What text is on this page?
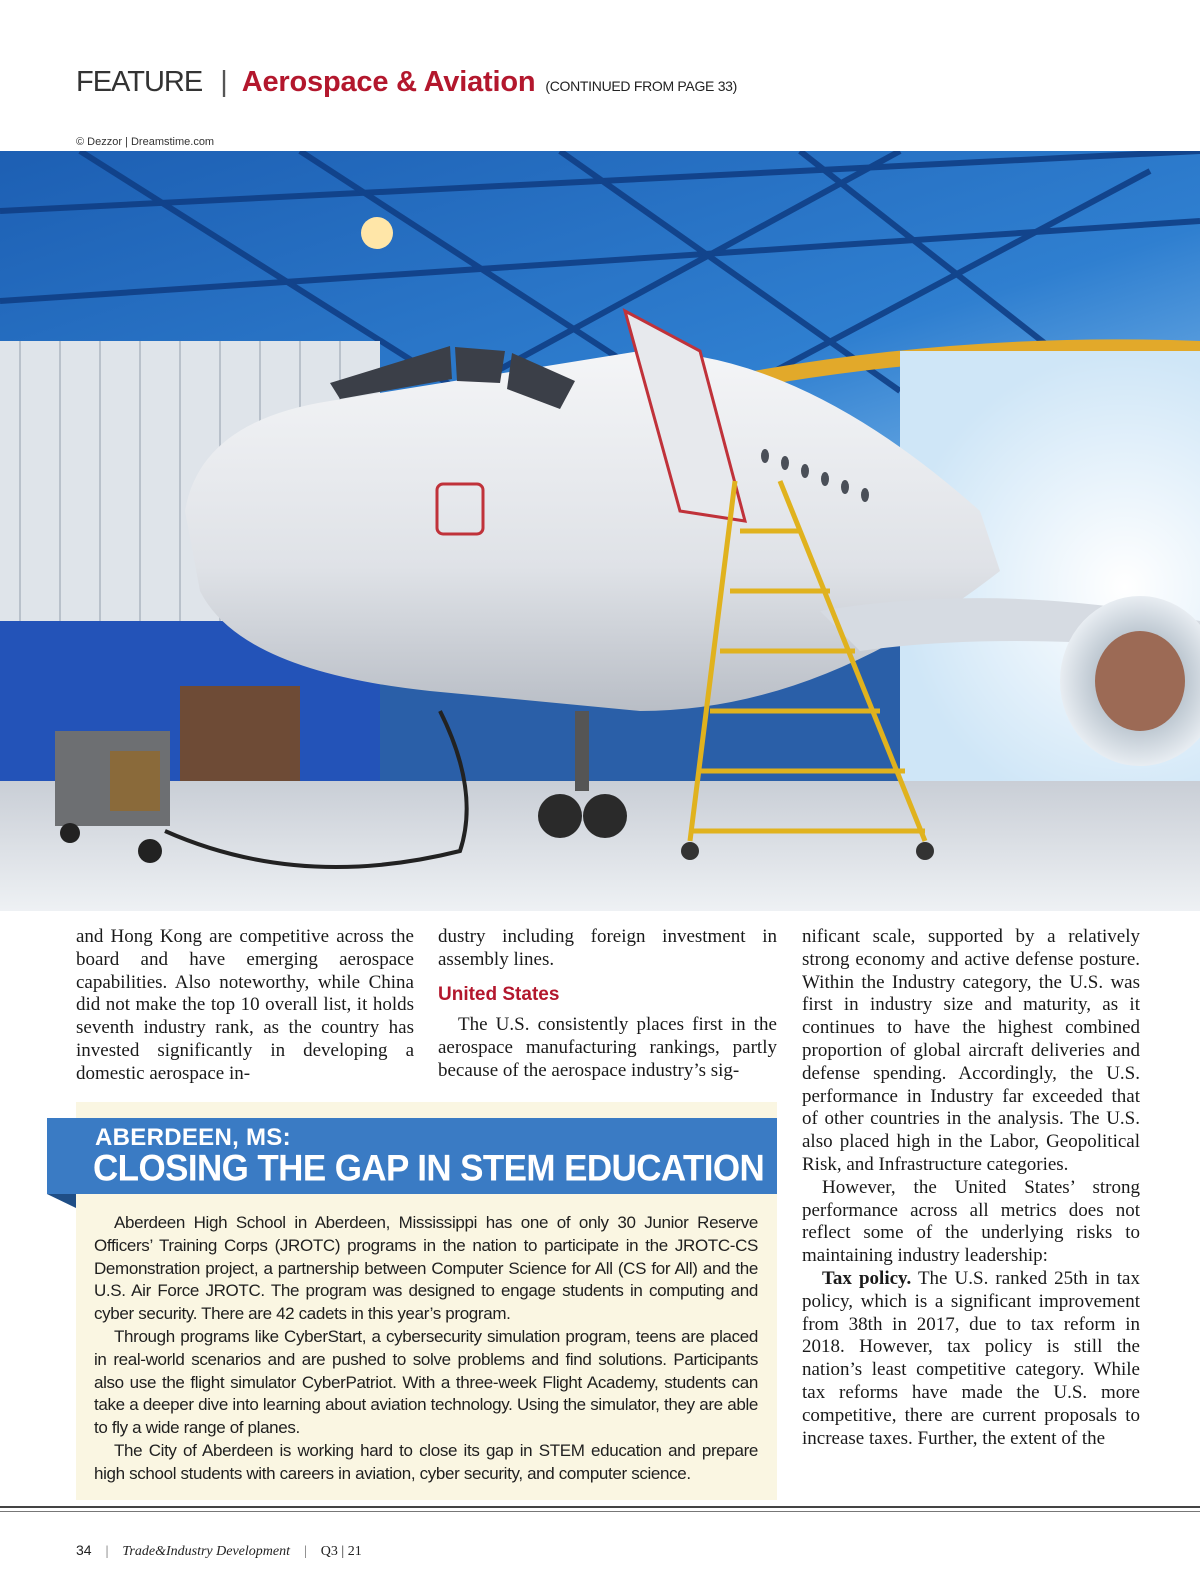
FEATURE | Aerospace & Aviation (CONTINUED FROM PAGE 33)
© Dezzor | Dreamstime.com

and Hong Kong are competitive across the board and have emerging aerospace capabilities. Also noteworthy, while China did not make the top 10 overall list, it holds seventh industry rank, as the country has invested significantly in developing a domestic aerospace in-

dustry including foreign investment in assembly lines.

United States

The U.S. consistently places first in the aerospace manufacturing rankings, partly because of the aerospace industry’s sig-

nificant scale, supported by a relatively strong economy and active defense posture. Within the Industry category, the U.S. was first in industry size and maturity, as it continues to have the highest combined proportion of global aircraft deliveries and defense spending. Accordingly, the U.S. performance in Industry far exceeded that of other countries in the analysis. The U.S. also placed high in the Labor, Geopolitical Risk, and Infrastructure categories.

However, the United States’ strong performance across all metrics does not reflect some of the underlying risks to maintaining industry leadership:

Tax policy. The U.S. ranked 25th in tax policy, which is a significant improvement from 38th in 2017, due to tax reform in 2018. However, tax policy is still the nation’s least competitive category. While tax reforms have made the U.S. more competitive, there are current proposals to increase taxes. Further, the extent of the

ABERDEEN, MS:
CLOSING THE GAP IN STEM EDUCATION

Aberdeen High School in Aberdeen, Mississippi has one of only 30 Junior Reserve Officers’ Training Corps (JROTC) programs in the nation to participate in the JROTC-CS Demonstration project, a partnership between Computer Science for All (CS for All) and the U.S. Air Force JROTC. The program was designed to engage students in computing and cyber security. There are 42 cadets in this year’s program.

Through programs like CyberStart, a cybersecurity simulation program, teens are placed in real-world scenarios and are pushed to solve problems and find solutions. Participants also use the flight simulator CyberPatriot. With a three-week Flight Academy, students can take a deeper dive into learning about aviation technology. Using the simulator, they are able to fly a wide range of planes.

The City of Aberdeen is working hard to close its gap in STEM education and prepare high school students with careers in aviation, cyber security, and computer science.

34 | Trade&Industry Development | Q3 | 21
